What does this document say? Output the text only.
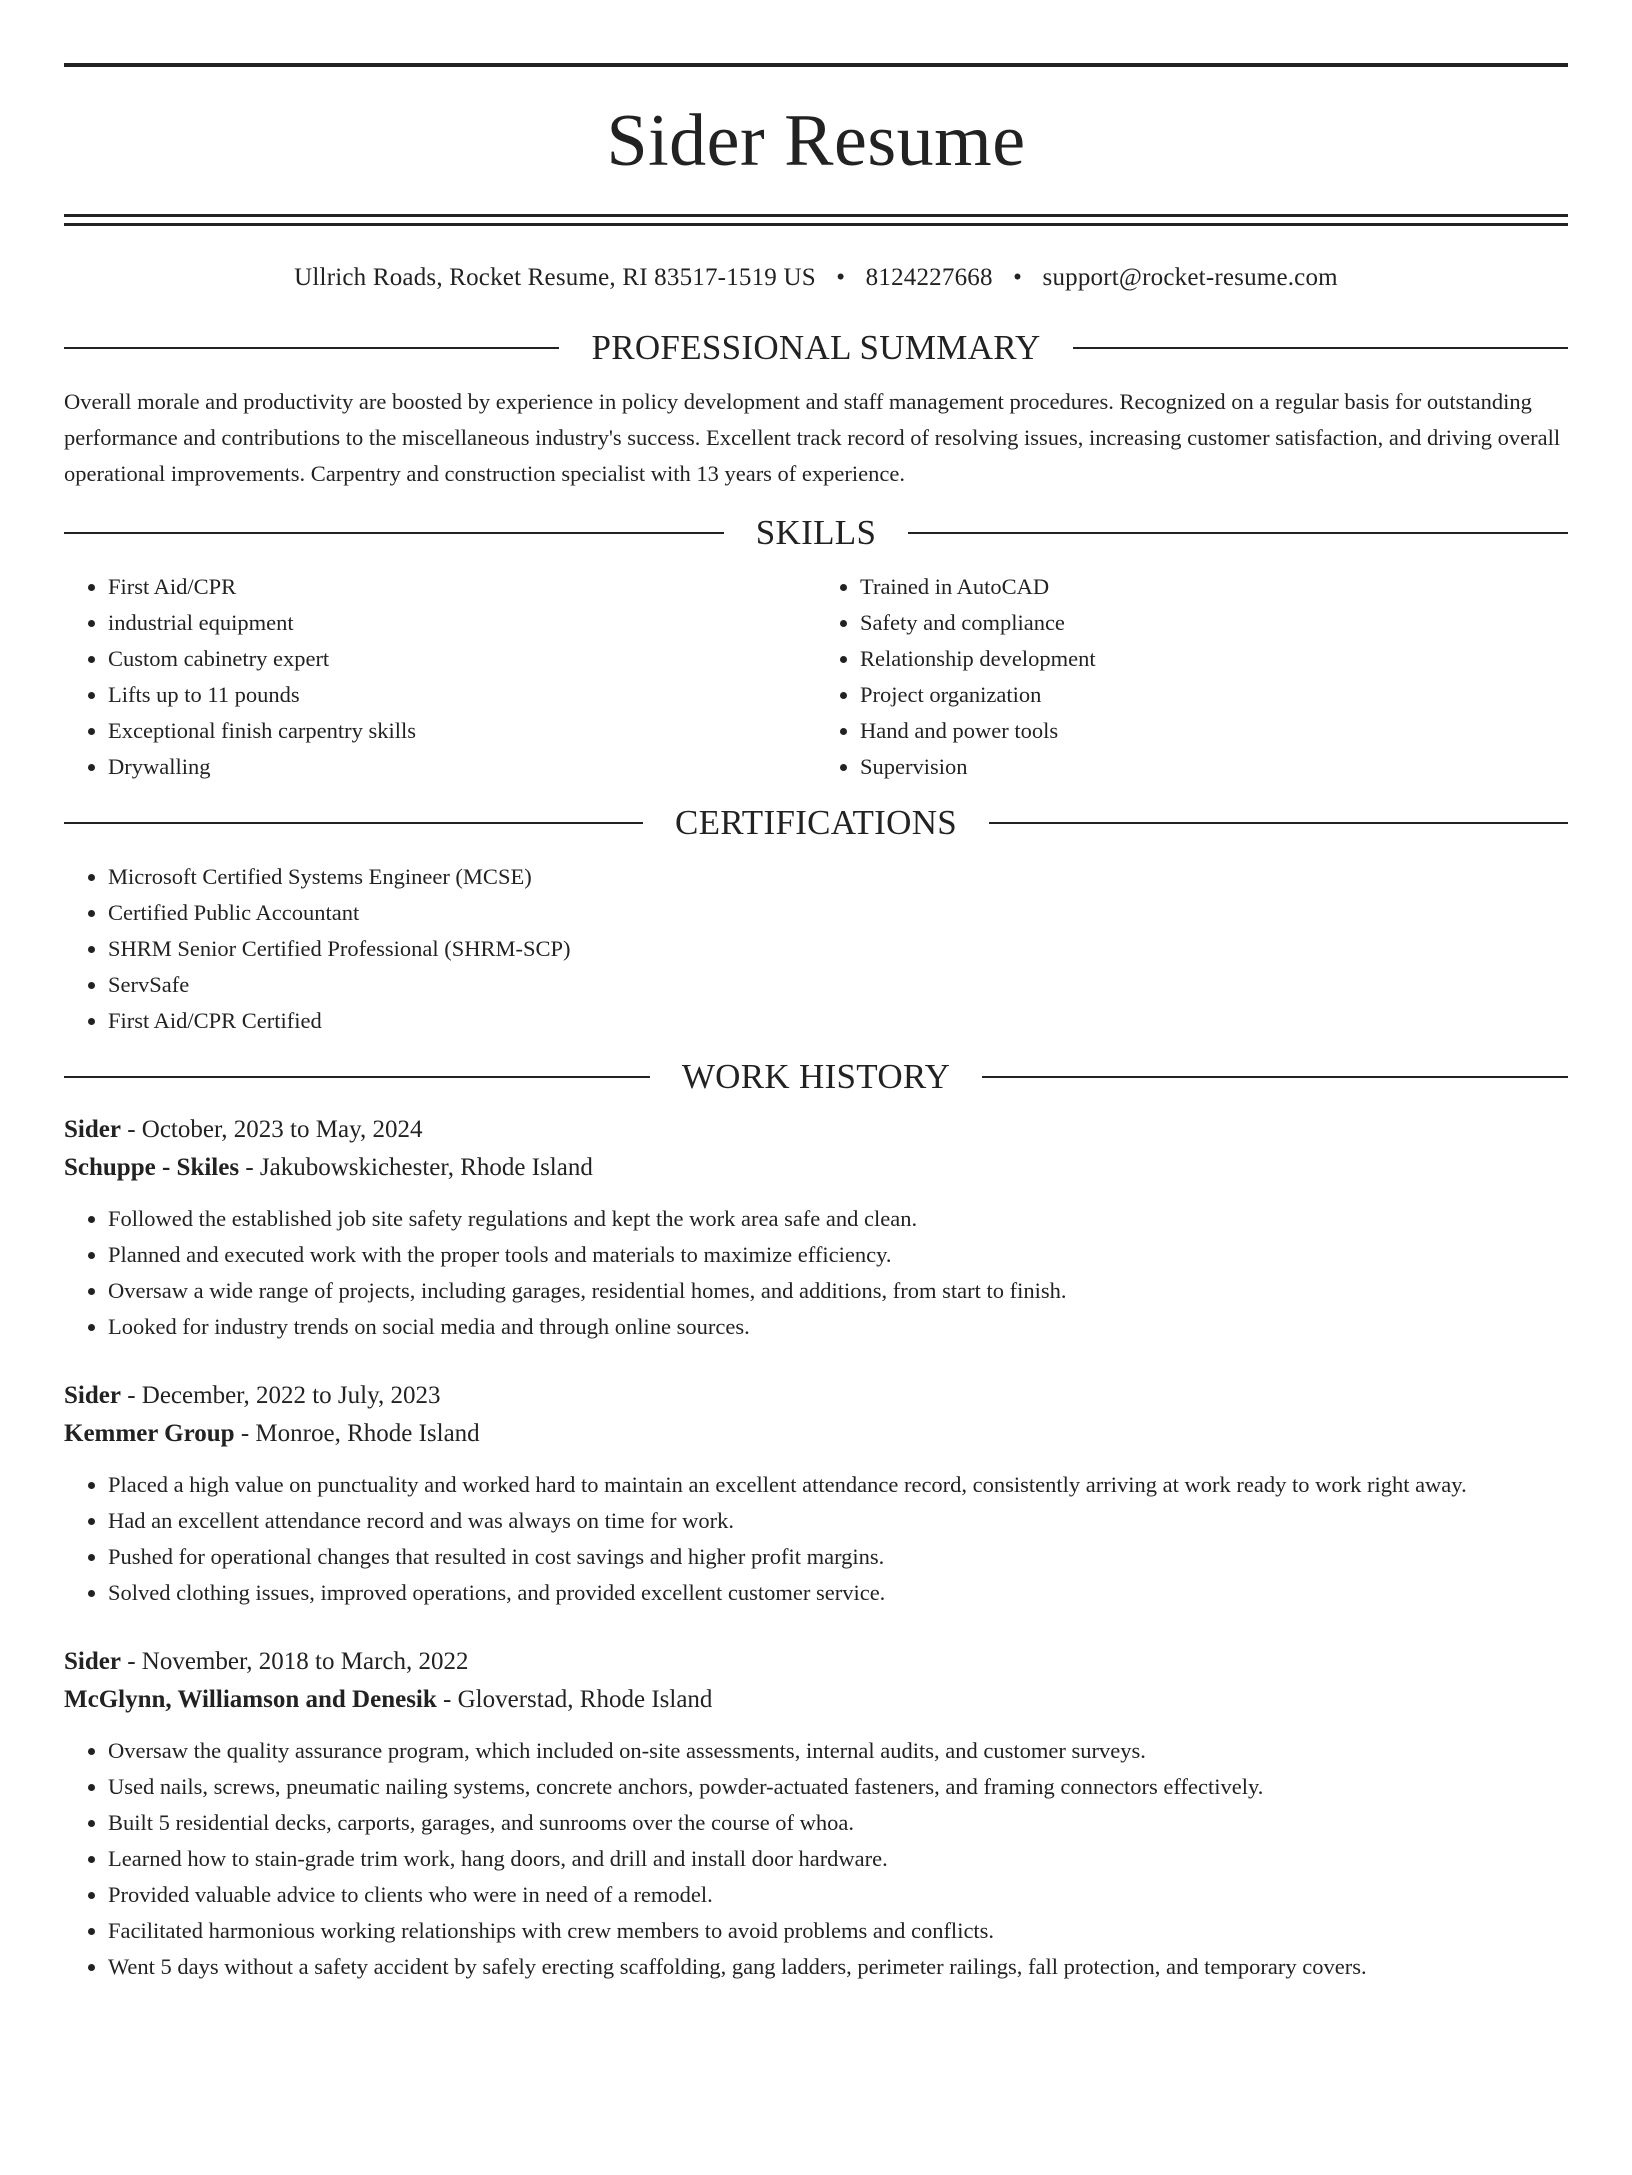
Sider Resume
Ullrich Roads, Rocket Resume, RI 83517-1519 US • 8124227668 • support@rocket-resume.com
PROFESSIONAL SUMMARY

Overall morale and productivity are boosted by experience in policy development and staff management procedures. Recognized on a regular basis for outstanding performance and contributions to the miscellaneous industry's success. Excellent track record of resolving issues, increasing customer satisfaction, and driving overall operational improvements. Carpentry and construction specialist with 13 years of experience.

SKILLS
• First Aid/CPR
• industrial equipment
• Custom cabinetry expert
• Lifts up to 11 pounds
• Exceptional finish carpentry skills
• Drywalling
• Trained in AutoCAD
• Safety and compliance
• Relationship development
• Project organization
• Hand and power tools
• Supervision
CERTIFICATIONS
• Microsoft Certified Systems Engineer (MCSE)
• Certified Public Accountant
• SHRM Senior Certified Professional (SHRM-SCP)
• ServSafe
• First Aid/CPR Certified
WORK HISTORY
Sider - October, 2023 to May, 2024
Schuppe - Skiles - Jakubowskichester, Rhode Island
• Followed the established job site safety regulations and kept the work area safe and clean.
• Planned and executed work with the proper tools and materials to maximize efficiency.
• Oversaw a wide range of projects, including garages, residential homes, and additions, from start to finish.
• Looked for industry trends on social media and through online sources.
Sider - December, 2022 to July, 2023
Kemmer Group - Monroe, Rhode Island
• Placed a high value on punctuality and worked hard to maintain an excellent attendance record, consistently arriving at work ready to work right away.
• Had an excellent attendance record and was always on time for work.
• Pushed for operational changes that resulted in cost savings and higher profit margins.
• Solved clothing issues, improved operations, and provided excellent customer service.
Sider - November, 2018 to March, 2022
McGlynn, Williamson and Denesik - Gloverstad, Rhode Island
• Oversaw the quality assurance program, which included on-site assessments, internal audits, and customer surveys.
• Used nails, screws, pneumatic nailing systems, concrete anchors, powder-actuated fasteners, and framing connectors effectively.
• Built 5 residential decks, carports, garages, and sunrooms over the course of whoa.
• Learned how to stain-grade trim work, hang doors, and drill and install door hardware.
• Provided valuable advice to clients who were in need of a remodel.
• Facilitated harmonious working relationships with crew members to avoid problems and conflicts.
• Went 5 days without a safety accident by safely erecting scaffolding, gang ladders, perimeter railings, fall protection, and temporary covers.
